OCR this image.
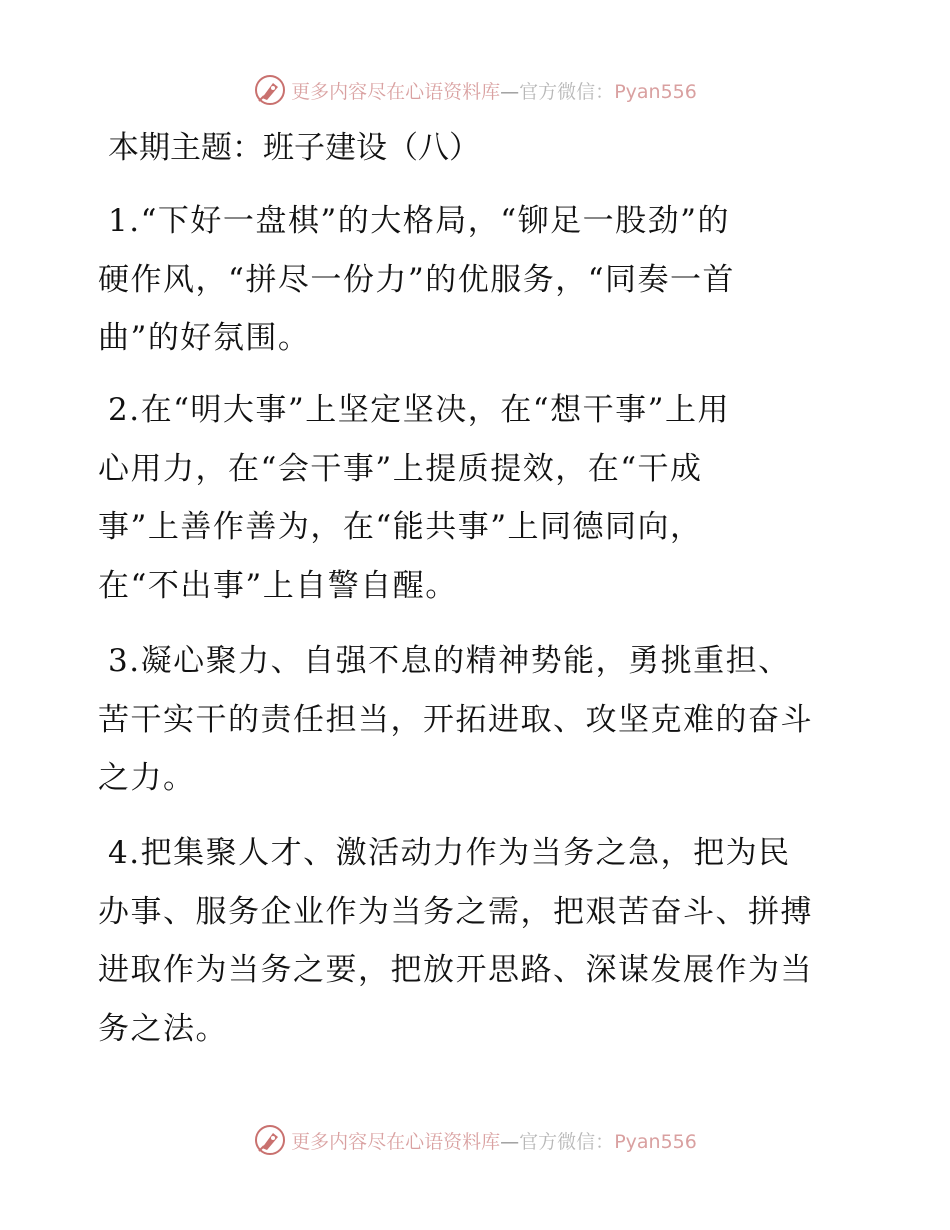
更多内容尽在心语资料库—官方微信：Pyan556
本期主题：班子建设（八）
1.“下好一盘棋”的大格局，“铆足一股劲”的
硬作风，“拼尽一份力”的优服务，“同奏一首
曲”的好氛围。
2.在“明大事”上坚定坚决，在“想干事”上用
心用力，在“会干事”上提质提效，在“干成
事”上善作善为，在“能共事”上同德同向，
在“不出事”上自警自醒。
3.凝心聚力、自强不息的精神势能，勇挑重担、
苦干实干的责任担当，开拓进取、攻坚克难的奋斗
之力。
4.把集聚人才、激活动力作为当务之急，把为民
办事、服务企业作为当务之需，把艰苦奋斗、拼搏
进取作为当务之要，把放开思路、深谋发展作为当
务之法。
更多内容尽在心语资料库—官方微信：Pyan556
